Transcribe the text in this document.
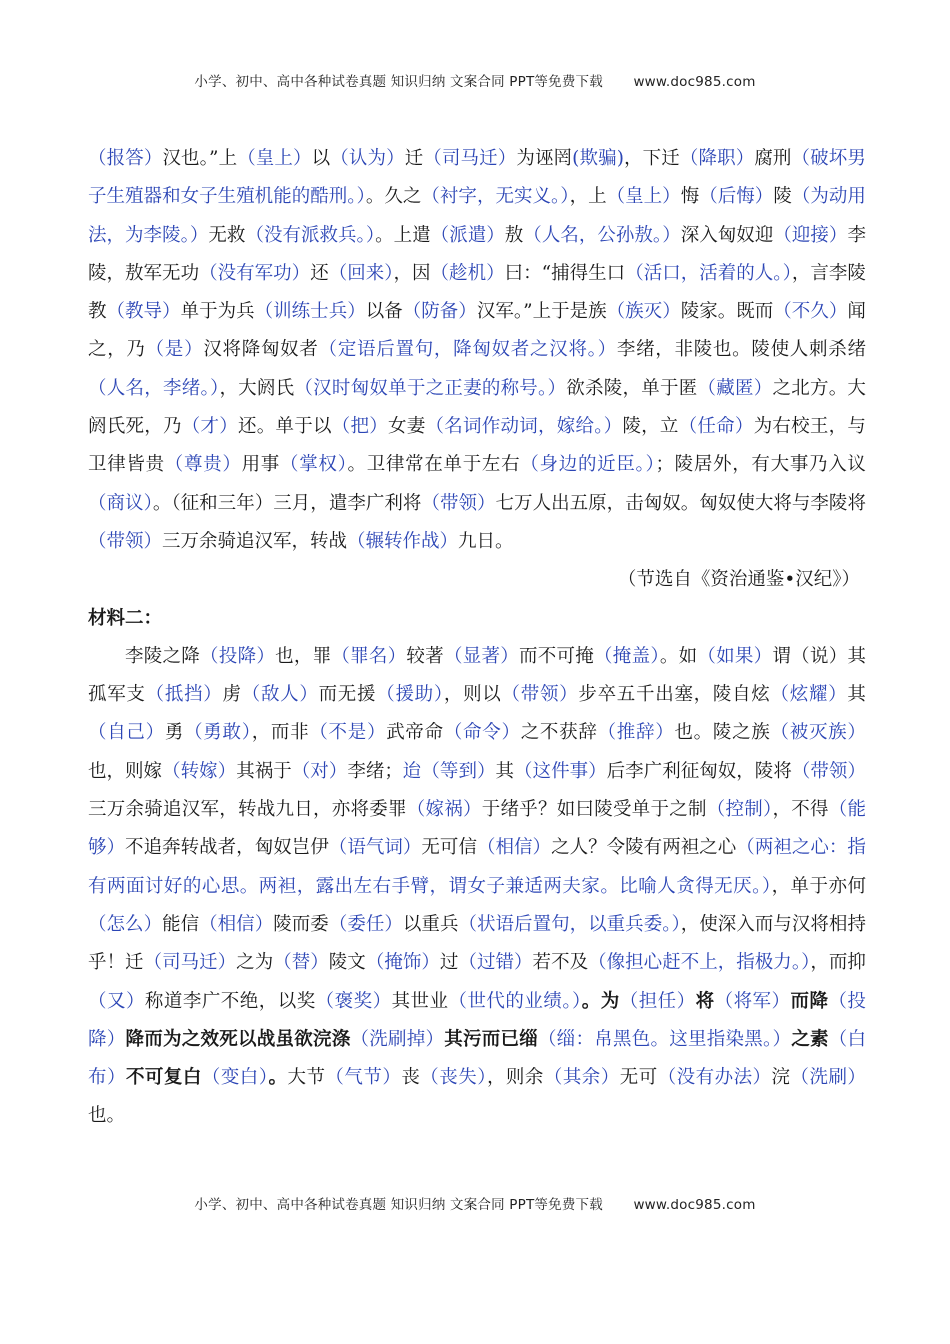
小学、初中、高中各种试卷真题 知识归纳 文案合同 PPT等免费下载 www.doc985.com

（报答）汉也。”上（皇上）以（认为）迁（司马迁）为诬罔(欺骗)，下迁（降职）腐刑（破坏男子生殖器和女子生殖机能的酷刑。）。久之（衬字，无实义。），上（皇上）悔（后悔）陵（为动用法，为李陵。）无救（没有派救兵。）。上遣（派遣）敖（人名，公孙敖。）深入匈奴迎（迎接）李陵，敖军无功（没有军功）还（回来），因（趁机）曰：“捕得生口（活口，活着的人。），言李陵教（教导）单于为兵（训练士兵）以备（防备）汉军。”上于是族（族灭）陵家。既而（不久）闻之，乃（是）汉将降匈奴者（定语后置句，降匈奴者之汉将。）李绪，非陵也。陵使人刺杀绪（人名，李绪。），大阏氏（汉时匈奴单于之正妻的称号。）欲杀陵，单于匿（藏匿）之北方。大阏氏死，乃（才）还。单于以（把）女妻（名词作动词，嫁给。）陵，立（任命）为右校王，与卫律皆贵（尊贵）用事（掌权）。卫律常在单于左右（身边的近臣。）；陵居外，有大事乃入议（商议）。（征和三年）三月，遣李广利将（带领）七万人出五原，击匈奴。匈奴使大将与李陵将（带领）三万余骑追汉军，转战（辗转作战）九日。

（节选自《资治通鉴•汉纪》）

材料二：

李陵之降（投降）也，罪（罪名）较著（显著）而不可掩（掩盖）。如（如果）谓（说）其孤军支（抵挡）虏（敌人）而无援（援助），则以（带领）步卒五千出塞，陵自炫（炫耀）其（自己）勇（勇敢），而非（不是）武帝命（命令）之不获辞（推辞）也。陵之族（被灭族）也，则嫁（转嫁）其祸于（对）李绪；迨（等到）其（这件事）后李广利征匈奴，陵将（带领）三万余骑追汉军，转战九日，亦将委罪（嫁祸）于绪乎？如曰陵受单于之制（控制），不得（能够）不追奔转战者，匈奴岂伊（语气词）无可信（相信）之人？令陵有两袒之心（两袒之心：指有两面讨好的心思。两袒，露出左右手臂，谓女子兼适两夫家。比喻人贪得无厌。），单于亦何（怎么）能信（相信）陵而委（委任）以重兵（状语后置句，以重兵委。），使深入而与汉将相持乎！迁（司马迁）之为（替）陵文（掩饰）过（过错）若不及（像担心赶不上，指极力。），而抑（又）称道李广不绝，以奖（褒奖）其世业（世代的业绩。）。为（担任）将（将军）而降（投降）降而为之效死以战虽欲浣涤（洗刷掉）其污而已缁（缁：帛黑色。这里指染黑。）之素（白布）不可复白（变白）。大节（气节）丧（丧失），则余（其余）无可（没有办法）浣（洗刷）也。

小学、初中、高中各种试卷真题 知识归纳 文案合同 PPT等免费下载 www.doc985.com
